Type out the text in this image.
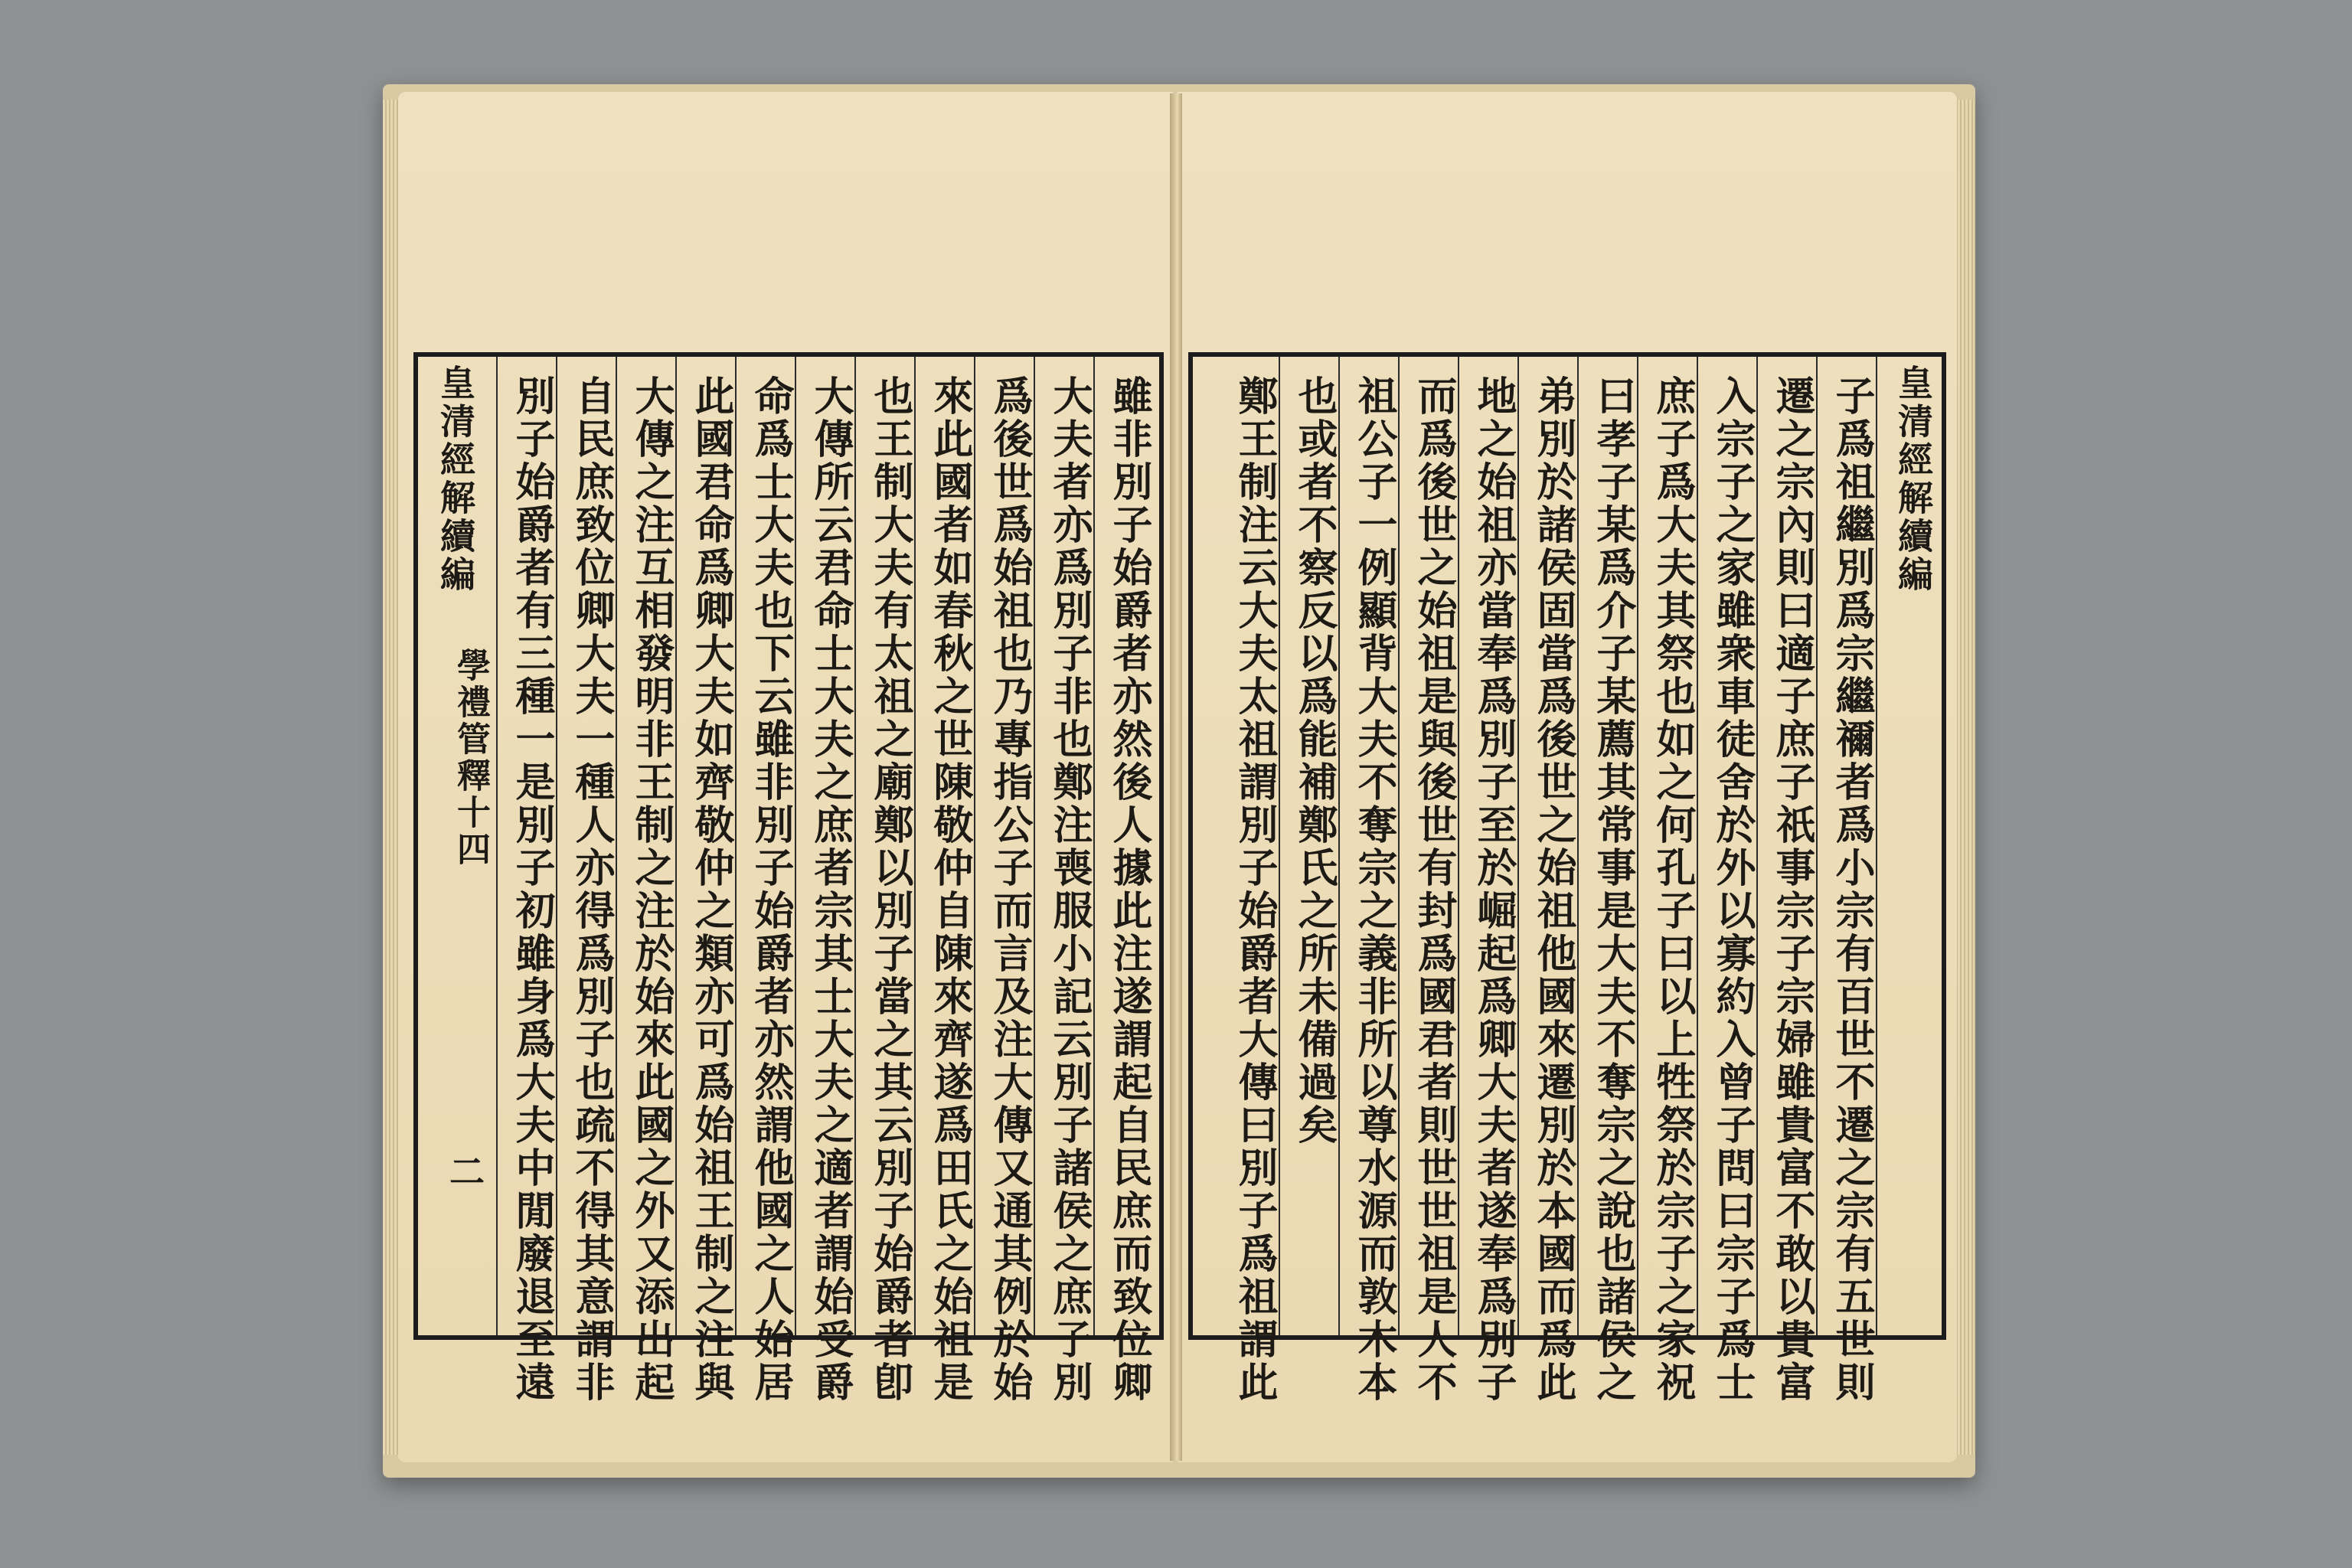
雖非別子始爵者亦然後人據此注遂謂起自民庶而致位卿
大夫者亦爲別子非也鄭注喪服小記云別子諸侯之庶子別
爲後世爲始祖也乃專指公子而言及注大傳又通其例於始
來此國者如春秋之世陳敬仲自陳來齊遂爲田氏之始祖是
也王制大夫有太祖之廟鄭以別子當之其云別子始爵者卽
大傳所云君命士大夫之庶者宗其士大夫之適者謂始受爵
命爲士大夫也下云雖非別子始爵者亦然謂他國之人始居
此國君命爲卿大夫如齊敬仲之類亦可爲始祖王制之注與
大傳之注互相發明非王制之注於始來此國之外又添出起
自民庶致位卿大夫一種人亦得爲別子也疏不得其意謂非
別子始爵者有三種一是別子初雖身爲大夫中閒廢退至遠
皇清經解續編
學禮管釋十四
二
皇清經解續編
子爲祖繼別爲宗繼禰者爲小宗有百世不遷之宗有五世則
遷之宗內則曰適子庶子祇事宗子宗婦雖貴富不敢以貴富
入宗子之家雖衆車徒舍於外以寡約入曾子問曰宗子爲士
庶子爲大夫其祭也如之何孔子曰以上牲祭於宗子之家祝
曰孝子某爲介子某薦其常事是大夫不奪宗之說也諸侯之
弟別於諸侯固當爲後世之始祖他國來遷別於本國而爲此
地之始祖亦當奉爲別子至於崛起爲卿大夫者遂奉爲別子
而爲後世之始祖是與後世有封爲國君者則世世祖是人不
祖公子一例顯背大夫不奪宗之義非所以尊水源而敦木本
也或者不察反以爲能補鄭氏之所未備過矣
鄭王制注云大夫太祖謂別子始爵者大傳曰別子爲祖謂此
